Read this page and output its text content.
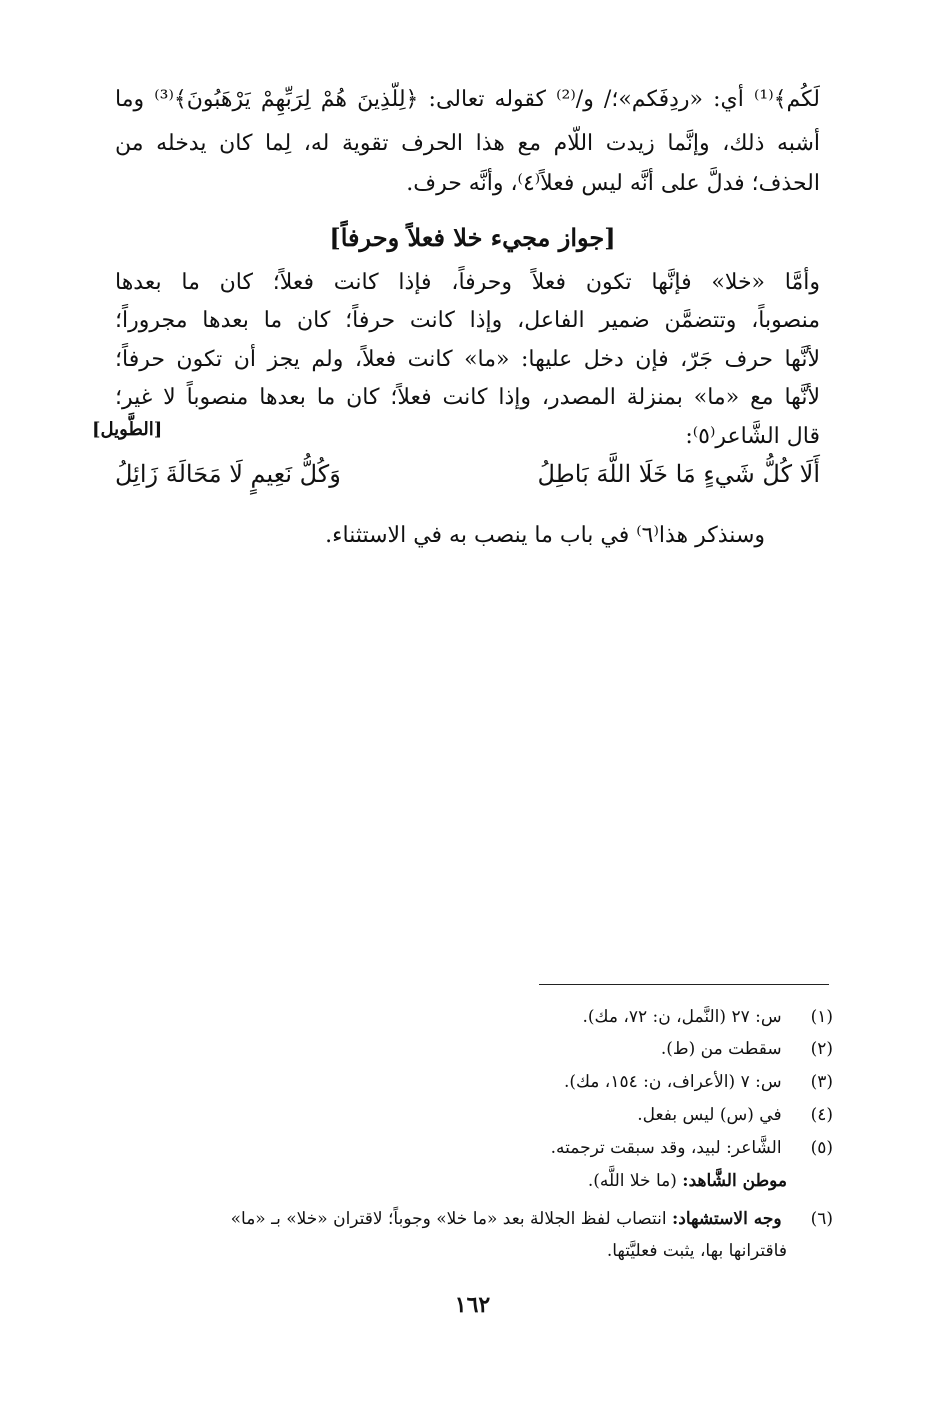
لَكُم﴾⁽¹⁾ أي: «ردِفَكم»؛/ و/⁽²⁾ كقوله تعالى: ﴿لِلَّذِينَ هُمْ لِرَبِّهِمْ يَرْهَبُونَ﴾⁽³⁾ وما
أشبه ذلك، وإنَّما زيدت اللَّام مع هذا الحرف تقوية له، لِما كان يدخله من
الحذف؛ فدلَّ على أنَّه ليس فعلاً⁽٤⁾، وأنَّه حرف.
[جواز مجيء خلا فعلاً وحرفاً]
وأمَّا «خلا» فإنَّها تكون فعلاً وحرفاً، فإذا كانت فعلاً؛ كان ما بعدها
منصوباً، وتتضمَّن ضمير الفاعل، وإذا كانت حرفاً؛ كان ما بعدها مجروراً؛
لأنَّها حرف جَرّ، فإن دخل عليها: «ما» كانت فعلاً، ولم يجز أن تكون حرفاً؛
لأنَّها مع «ما» بمنزلة المصدر، وإذا كانت فعلاً؛ كان ما بعدها منصوباً لا غير؛
قال الشَّاعر⁽٥⁾:
[الطَّويل]
أَلَا كُلُّ شَيءٍ مَا خَلَا اللَّهَ بَاطِلُ
وَكُلُّ نَعِيمٍ لَا مَحَالَةَ زَائِلُ
وسنذكر هذا⁽٦⁾ في باب ما ينصب به في الاستثناء.
(١) س: ٢٧ (النَّمل، ن: ٧٢، مك).
(٢) سقطت من (ط).
(٣) س: ٧ (الأعراف، ن: ١٥٤، مك).
(٤) في (س) ليس بفعل.
(٥) الشَّاعر: لبيد، وقد سبقت ترجمته.
موطن الشَّاهد: (ما خلا اللَّه).
(٦) وجه الاستشهاد: انتصاب لفظ الجلالة بعد «ما خلا» وجوباً؛ لاقتران «خلا» بـ «ما»
فاقترانها بها، يثبت فعليَّتها.
١٦٢
